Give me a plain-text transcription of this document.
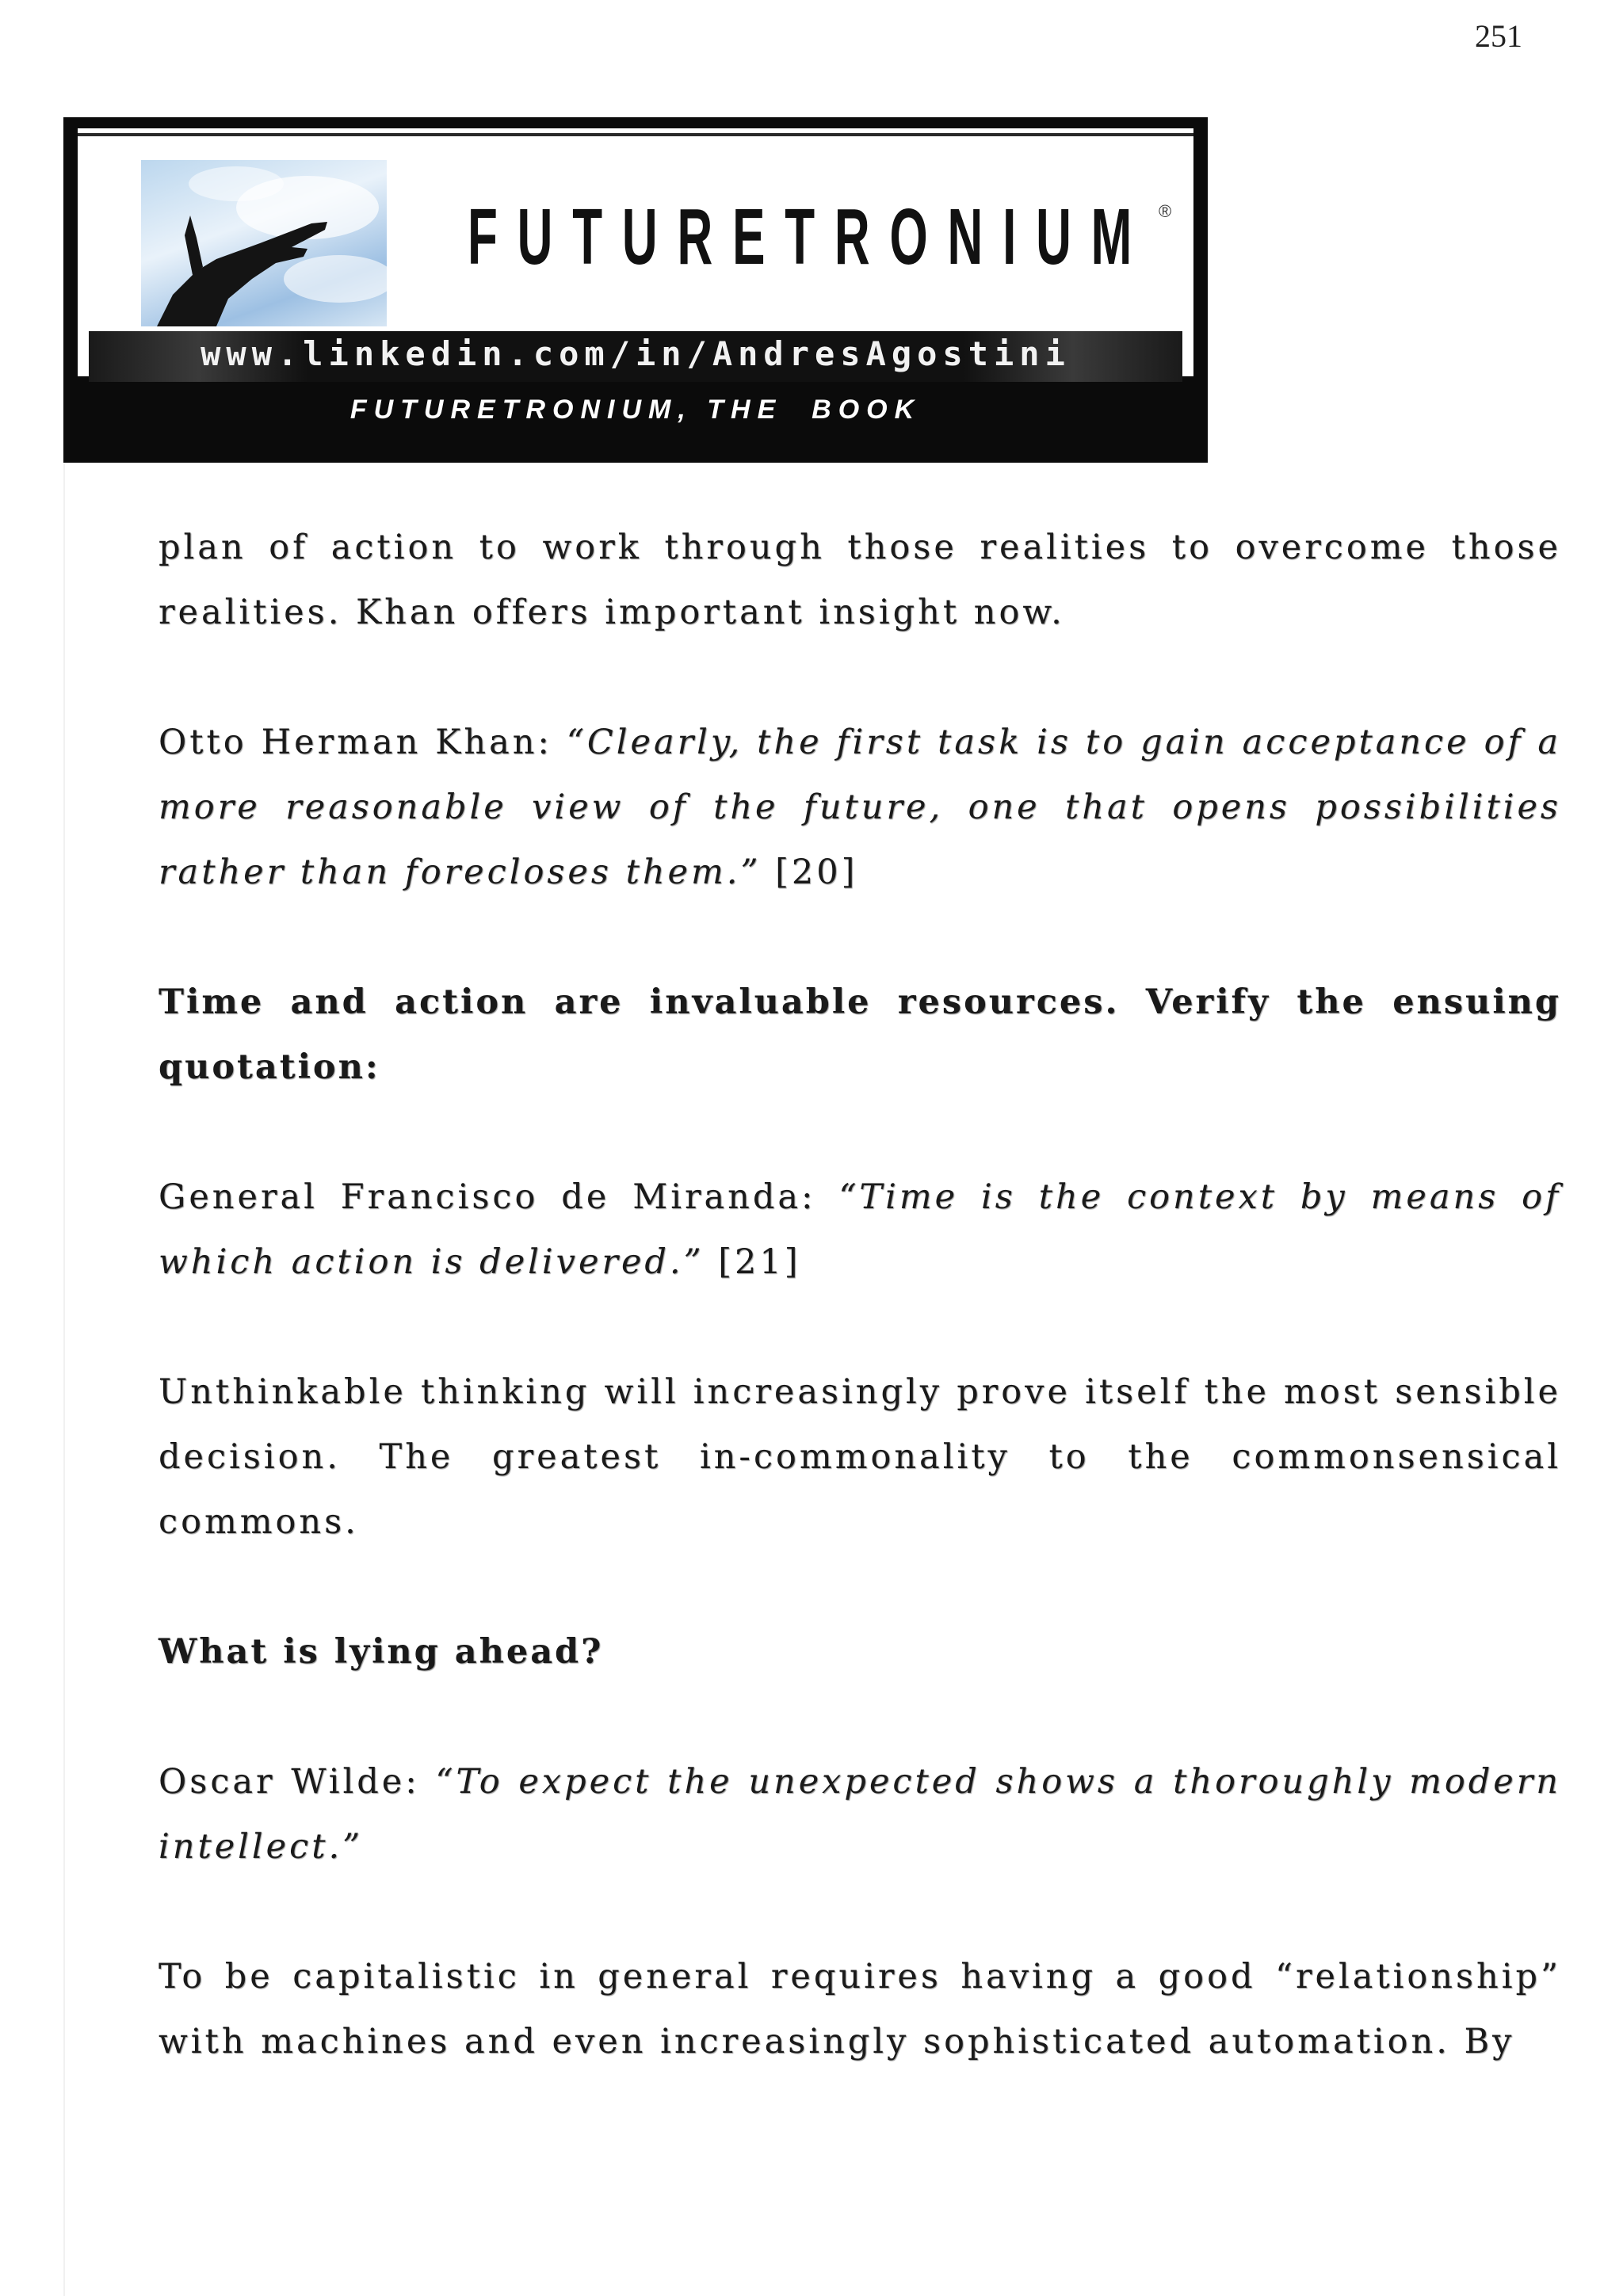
251
FUTURETRONIUM ®
www.linkedin.com/in/AndresAgostini
FUTURETRONIUM, THE  BOOK

plan of action to work through those realities to overcome those realities. Khan offers important insight now.

Otto Herman Khan: “Clearly, the first task is to gain acceptance of a more reasonable view of the future, one that opens possibilities rather than forecloses them.” [20]

Time and action are invaluable resources. Verify the ensuing quotation:

General Francisco de Miranda: “Time is the context by means of which action is delivered.” [21]

Unthinkable thinking will increasingly prove itself the most sensible decision. The greatest in-commonality to the commonsensical commons.

What is lying ahead?

Oscar Wilde: “To expect the unexpected shows a thoroughly modern intellect.”

To be capitalistic in general requires having a good “relationship” with machines and even increasingly sophisticated automation. By
